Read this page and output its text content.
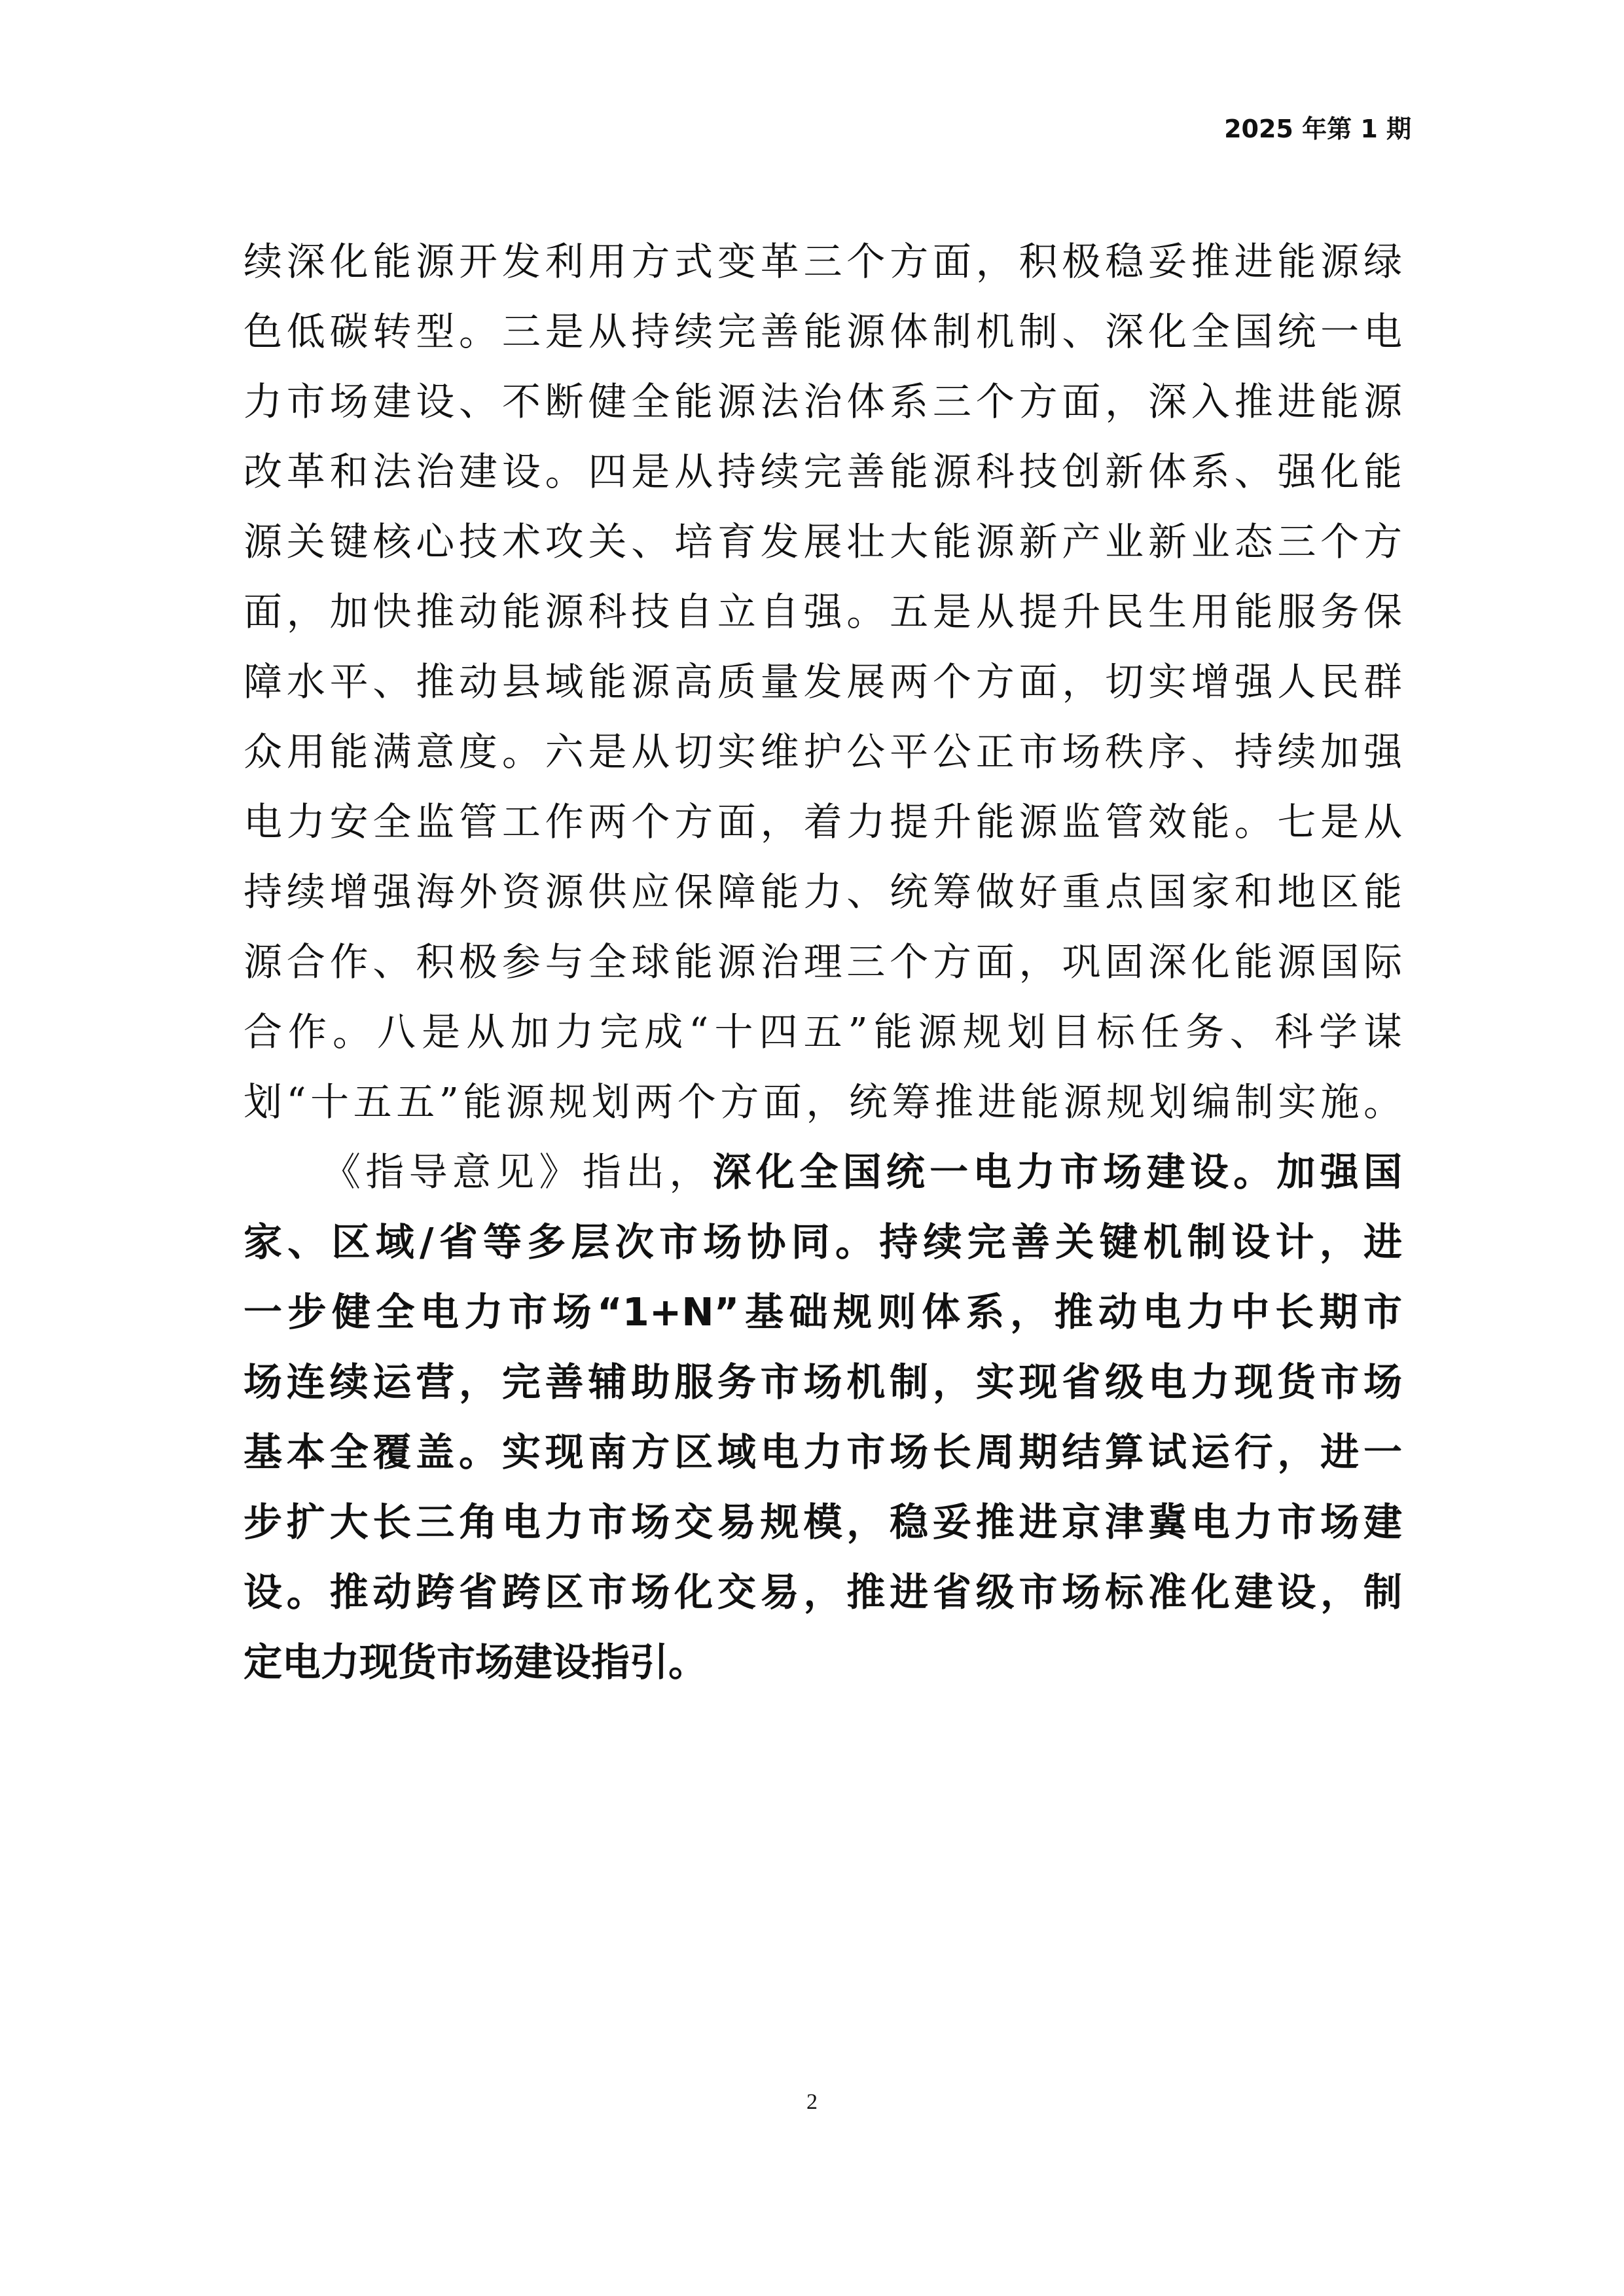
2025 年第 1 期

续深化能源开发利用方式变革三个方面，积极稳妥推进能源绿

色低碳转型。三是从持续完善能源体制机制、深化全国统一电

力市场建设、不断健全能源法治体系三个方面，深入推进能源

改革和法治建设。四是从持续完善能源科技创新体系、强化能

源关键核心技术攻关、培育发展壮大能源新产业新业态三个方

面，加快推动能源科技自立自强。五是从提升民生用能服务保

障水平、推动县域能源高质量发展两个方面，切实增强人民群

众用能满意度。六是从切实维护公平公正市场秩序、持续加强

电力安全监管工作两个方面，着力提升能源监管效能。七是从

持续增强海外资源供应保障能力、统筹做好重点国家和地区能

源合作、积极参与全球能源治理三个方面，巩固深化能源国际

合作。八是从加力完成“十四五”能源规划目标任务、科学谋

划“十五五”能源规划两个方面，统筹推进能源规划编制实施。

《指导意见》指出，深化全国统一电力市场建设。加强国

家、区域/省等多层次市场协同。持续完善关键机制设计，进

一步健全电力市场“1+N”基础规则体系，推动电力中长期市

场连续运营，完善辅助服务市场机制，实现省级电力现货市场

基本全覆盖。实现南方区域电力市场长周期结算试运行，进一

步扩大长三角电力市场交易规模，稳妥推进京津冀电力市场建

设。推动跨省跨区市场化交易，推进省级市场标准化建设，制

定电力现货市场建设指引。

2
